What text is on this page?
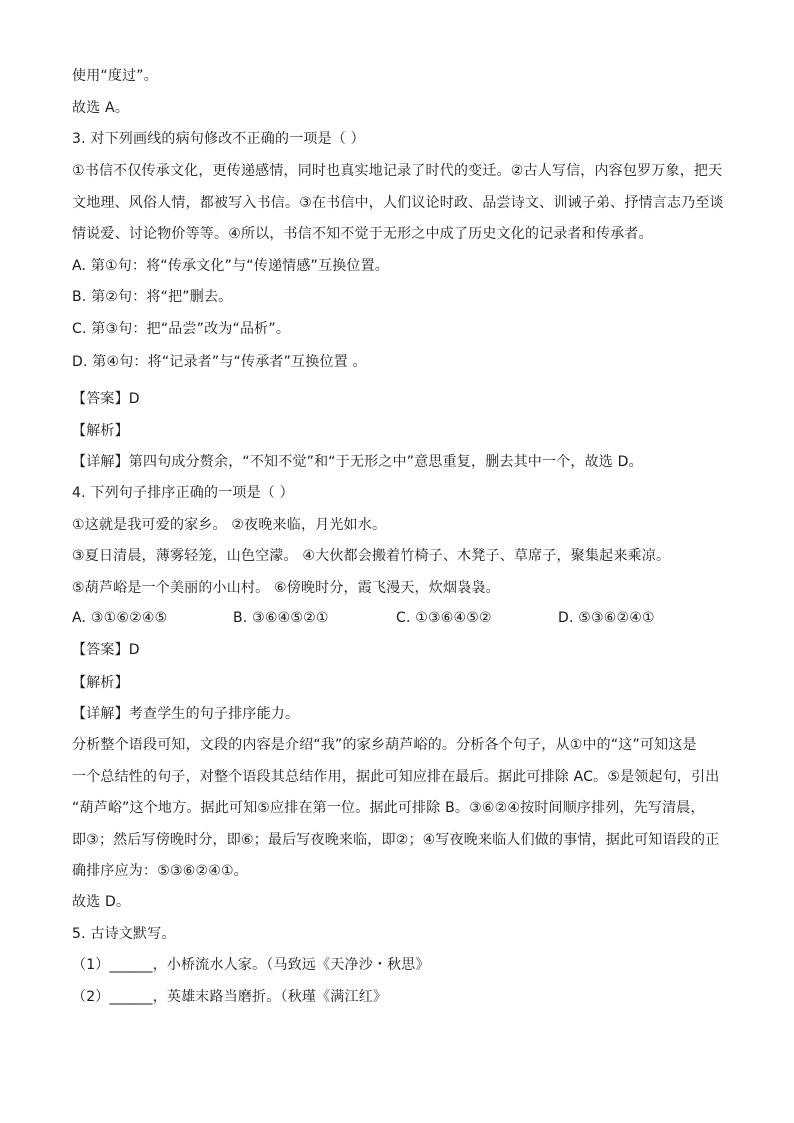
使用“度过”。
故选 A。
3. 对下列画线的病句修改不正确的一项是（ ）
①书信不仅传承文化，更传递感情，同时也真实地记录了时代的变迁。②古人写信，内容包罗万象，把天
文地理、风俗人情，都被写入书信。③在书信中，人们议论时政、品尝诗文、训诫子弟、抒情言志乃至谈
情说爱、讨论物价等等。④所以，书信不知不觉于无形之中成了历史文化的记录者和传承者。
A. 第①句：将“传承文化”与“传递情感”互换位置。
B. 第②句：将“把”删去。
C. 第③句：把“品尝”改为“品析”。
D. 第④句：将“记录者”与“传承者”互换位置 。
【答案】D
【解析】
【详解】第四句成分赘余，“不知不觉”和“于无形之中”意思重复，删去其中一个，故选 D。
4. 下列句子排序正确的一项是（ ）
①这就是我可爱的家乡。 ②夜晚来临，月光如水。
③夏日清晨，薄雾轻笼，山色空濛。 ④大伙都会搬着竹椅子、木凳子、草席子，聚集起来乘凉。
⑤葫芦峪是一个美丽的小山村。 ⑥傍晚时分，霞飞漫天，炊烟袅袅。
A. ③①⑥②④⑤	B. ③⑥④⑤②①	C. ①③⑥④⑤②	D. ⑤③⑥②④①
【答案】D
【解析】
【详解】考查学生的句子排序能力。
分析整个语段可知，文段的内容是介绍“我”的家乡葫芦峪的。分析各个句子，从①中的“这”可知这是
一个总结性的句子，对整个语段其总结作用，据此可知应排在最后。据此可排除 AC。⑤是领起句，引出
“葫芦峪”这个地方。据此可知⑤应排在第一位。据此可排除 B。③⑥②④按时间顺序排列，先写清晨，
即③；然后写傍晚时分，即⑥；最后写夜晚来临，即②；④写夜晚来临人们做的事情，据此可知语段的正
确排序应为：⑤③⑥②④①。
故选 D。
5. 古诗文默写。
（1）______，小桥流水人家。（马致远《天净沙・秋思》
（2）______，英雄末路当磨折。（秋瑾《满江红》
